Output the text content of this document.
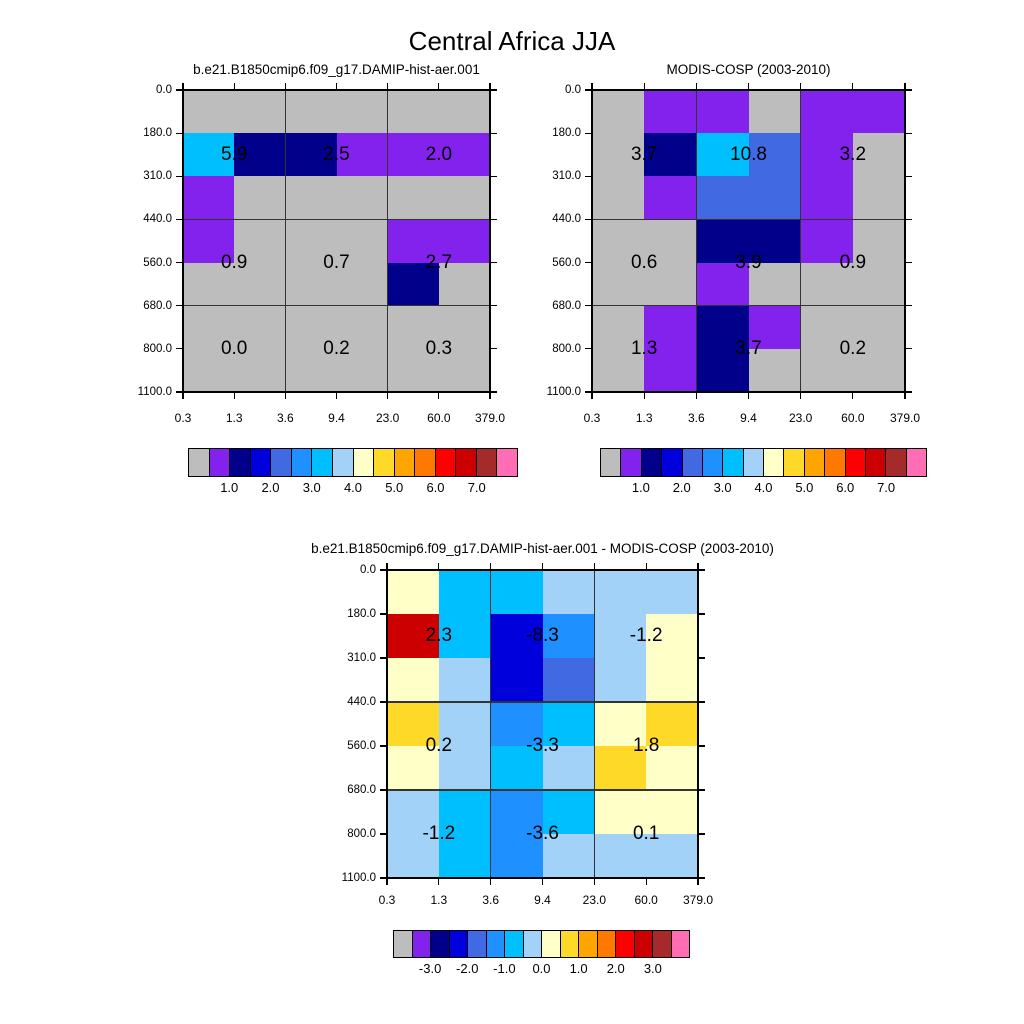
Central Africa JJA
b.e21.B1850cmip6.f09_g17.DAMIP-hist-aer.001
0.3	1.3	3.6	9.4	23.0	60.0	379.0
0.0
180.0
310.0
440.0
560.0
680.0
800.0
1100.0
5.9	2.5	2.0
0.9	0.7	2.7
0.0	0.2	0.3
1.0	2.0	3.0	4.0	5.0	6.0	7.0
MODIS-COSP (2003-2010)
0.3	1.3	3.6	9.4	23.0	60.0	379.0
0.0
180.0
310.0
440.0
560.0
680.0
800.0
1100.0
3.7	10.8	3.2
0.6	3.9	0.9
1.3	3.7	0.2
1.0	2.0	3.0	4.0	5.0	6.0	7.0
b.e21.B1850cmip6.f09_g17.DAMIP-hist-aer.001 - MODIS-COSP (2003-2010)
0.3	1.3	3.6	9.4	23.0	60.0	379.0
0.0
180.0
310.0
440.0
560.0
680.0
800.0
1100.0
2.3	-8.3	-1.2
0.2	-3.3	1.8
-1.2	-3.6	0.1
-3.0	-2.0	-1.0	0.0	1.0	2.0	3.0
